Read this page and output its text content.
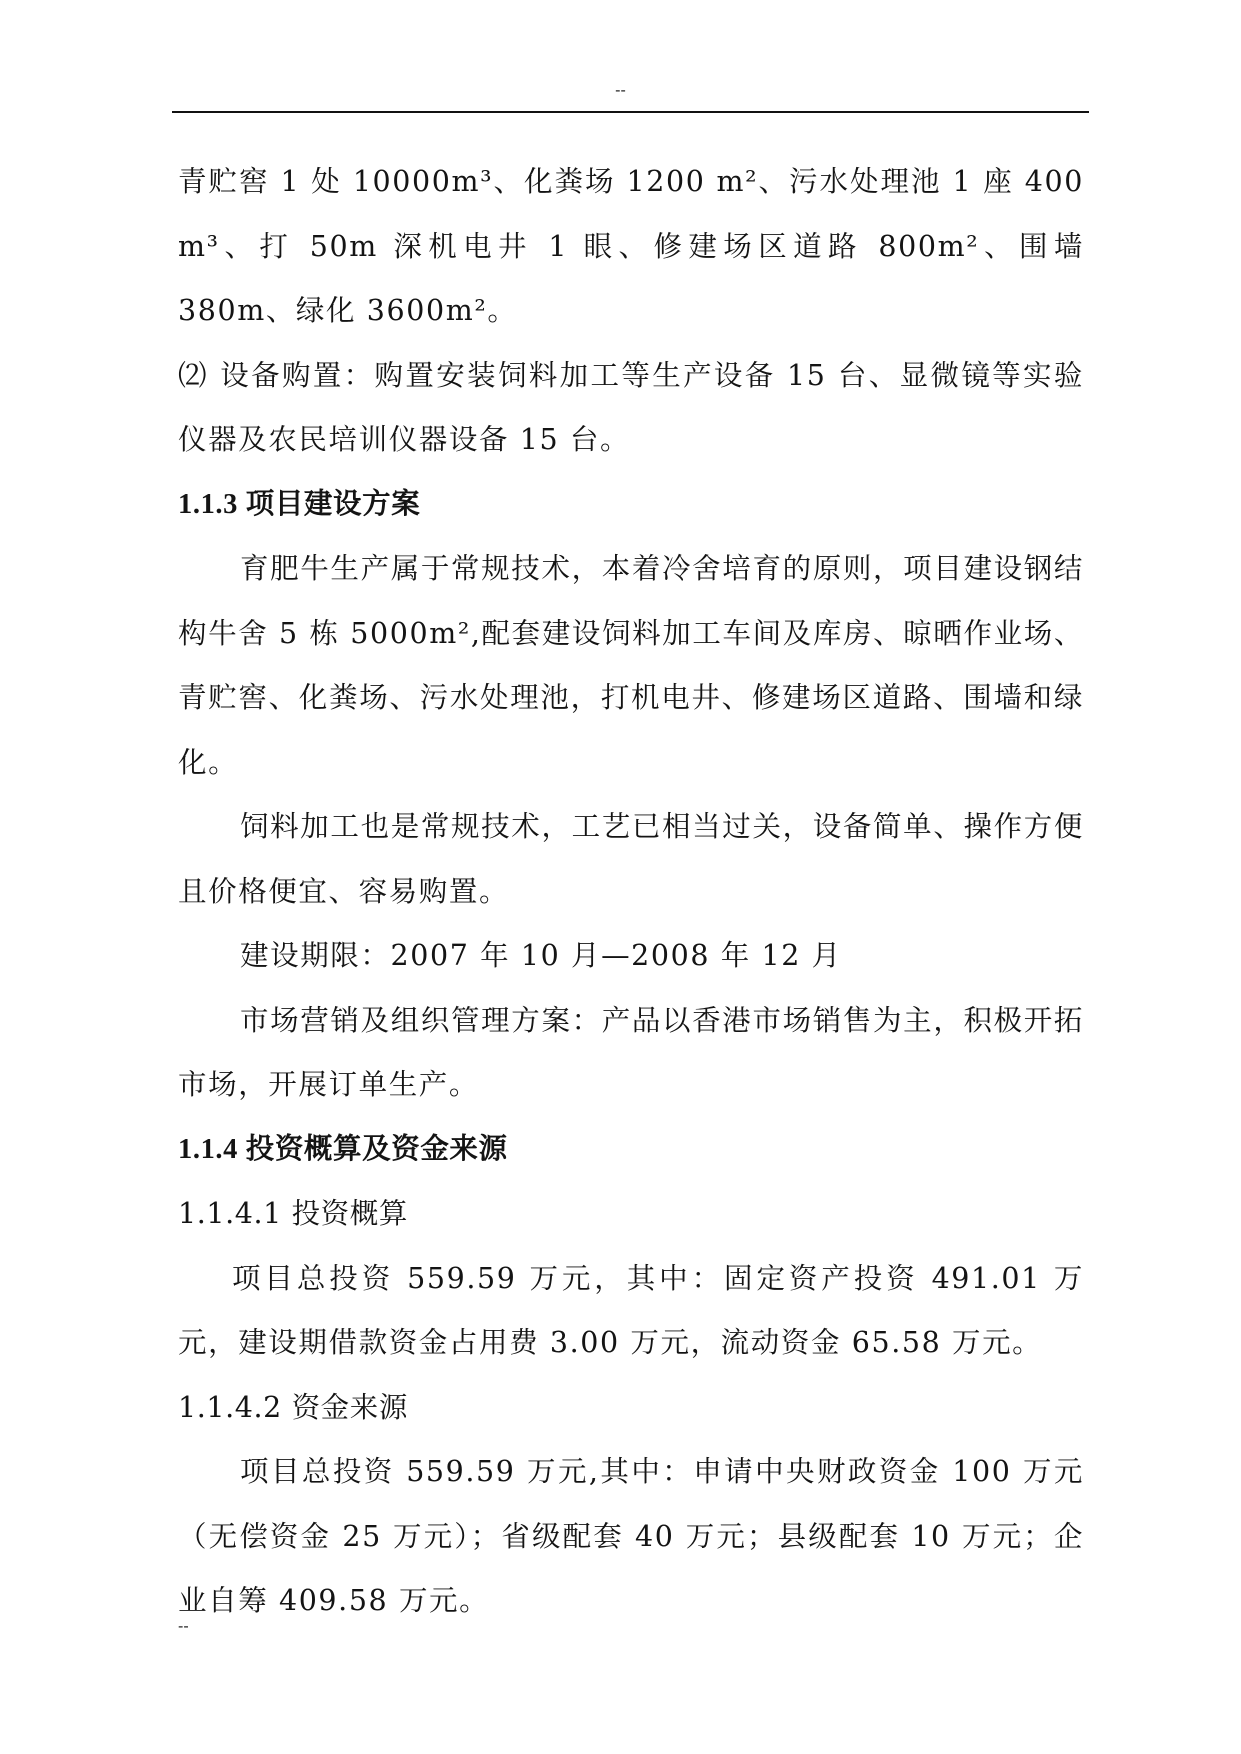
--

青贮窖 1 处 10000m³、化粪场 1200 m²、污水处理池 1 座 400 m³、打 50m 深机电井 1 眼、修建场区道路 800m²、围墙 380m、绿化 3600m²。

⑵ 设备购置：购置安装饲料加工等生产设备 15 台、显微镜等实验仪器及农民培训仪器设备 15 台。

1.1.3 项目建设方案

育肥牛生产属于常规技术，本着冷舍培育的原则，项目建设钢结构牛舍 5 栋 5000m²,配套建设饲料加工车间及库房、晾晒作业场、青贮窖、化粪场、污水处理池，打机电井、修建场区道路、围墙和绿化。

饲料加工也是常规技术，工艺已相当过关，设备简单、操作方便且价格便宜、容易购置。

建设期限：2007 年 10 月—2008 年 12 月

市场营销及组织管理方案：产品以香港市场销售为主，积极开拓市场，开展订单生产。

1.1.4 投资概算及资金来源
1.1.4.1 投资概算

项目总投资 559.59 万元，其中：固定资产投资 491.01 万元，建设期借款资金占用费 3.00 万元，流动资金 65.58 万元。

1.1.4.2 资金来源

项目总投资 559.59 万元,其中：申请中央财政资金 100 万元（无偿资金 25 万元）；省级配套 40 万元；县级配套 10 万元；企业自筹 409.58 万元。

--
